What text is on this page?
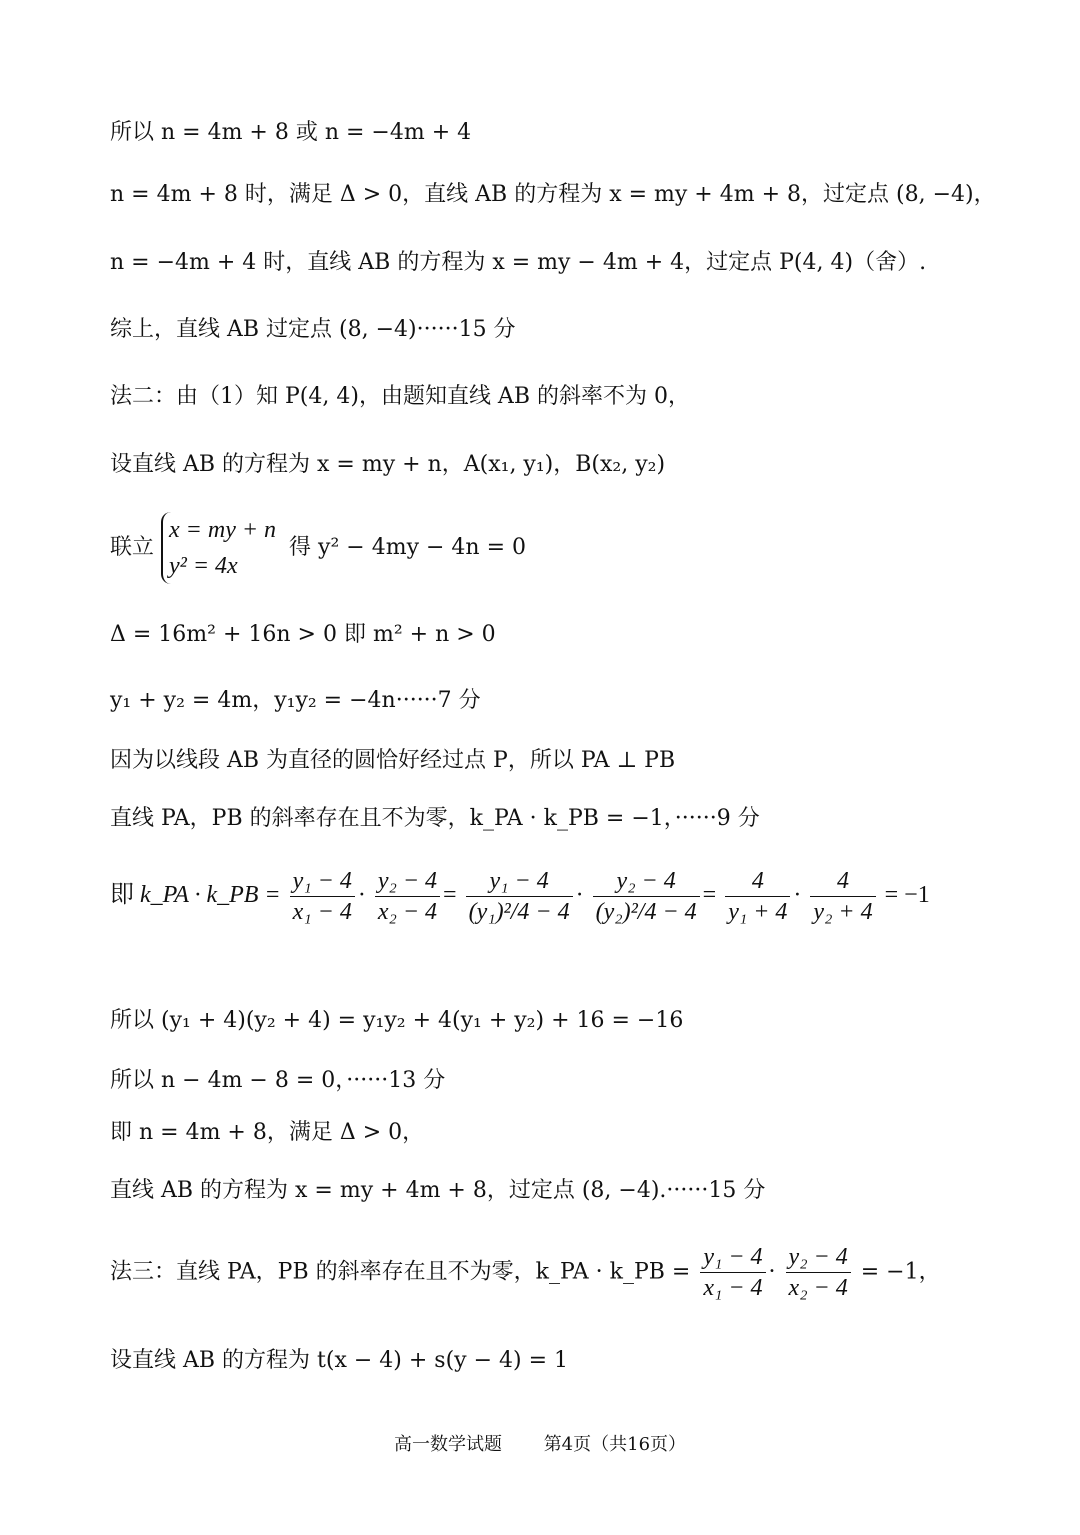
所以 n = 4m + 8 或 n = −4m + 4
n = 4m + 8 时，满足 Δ > 0，直线 AB 的方程为 x = my + 4m + 8，过定点 (8, −4)，
n = −4m + 4 时，直线 AB 的方程为 x = my − 4m + 4，过定点 P(4, 4)（舍）.
综上，直线 AB 过定点 (8, −4)······15 分
法二：由（1）知 P(4, 4)，由题知直线 AB 的斜率不为 0，
设直线 AB 的方程为 x = my + n，A(x₁, y₁)，B(x₂, y₂)
联立
x = my + n
y² = 4x
得 y² − 4my − 4n = 0
Δ = 16m² + 16n > 0 即 m² + n > 0
y₁ + y₂ = 4m，y₁y₂ = −4n······7 分
因为以线段 AB 为直径的圆恰好经过点 P，所以 PA ⊥ PB
直线 PA，PB 的斜率存在且不为零，k_PA · k_PB = −1，······9 分
即 k_PA · k_PB = $\frac{\text{y₁ − 4}}{\text{x₁ − 4}} \cdot \frac{\text{y₂ − 4}}{\text{x₂ − 4}} = \frac{\text{y₁ − 4}}{\text{(y₁)²/4 − 4}} \cdot \frac{\text{y₂ − 4}}{\text{(y₂)²/4 − 4}} = \frac{4}{\text{y₁ + 4}} \cdot \frac{4}{\text{y₂ + 4}} = -1$
所以 (y₁ + 4)(y₂ + 4) = y₁y₂ + 4(y₁ + y₂) + 16 = −16
所以 n − 4m − 8 = 0，······13 分
即 n = 4m + 8，满足 Δ > 0，
直线 AB 的方程为 x = my + 4m + 8，过定点 (8, −4).······15 分
法三：直线 PA，PB 的斜率存在且不为零，k_PA · k_PB = $\frac{\text{y₁ − 4}}{\text{x₁ − 4}} \cdot \frac{\text{y₂ − 4}}{\text{x₂ − 4}} = -1$，
设直线 AB 的方程为 t(x − 4) + s(y − 4) = 1
高一数学试题 第4页（共16页）
